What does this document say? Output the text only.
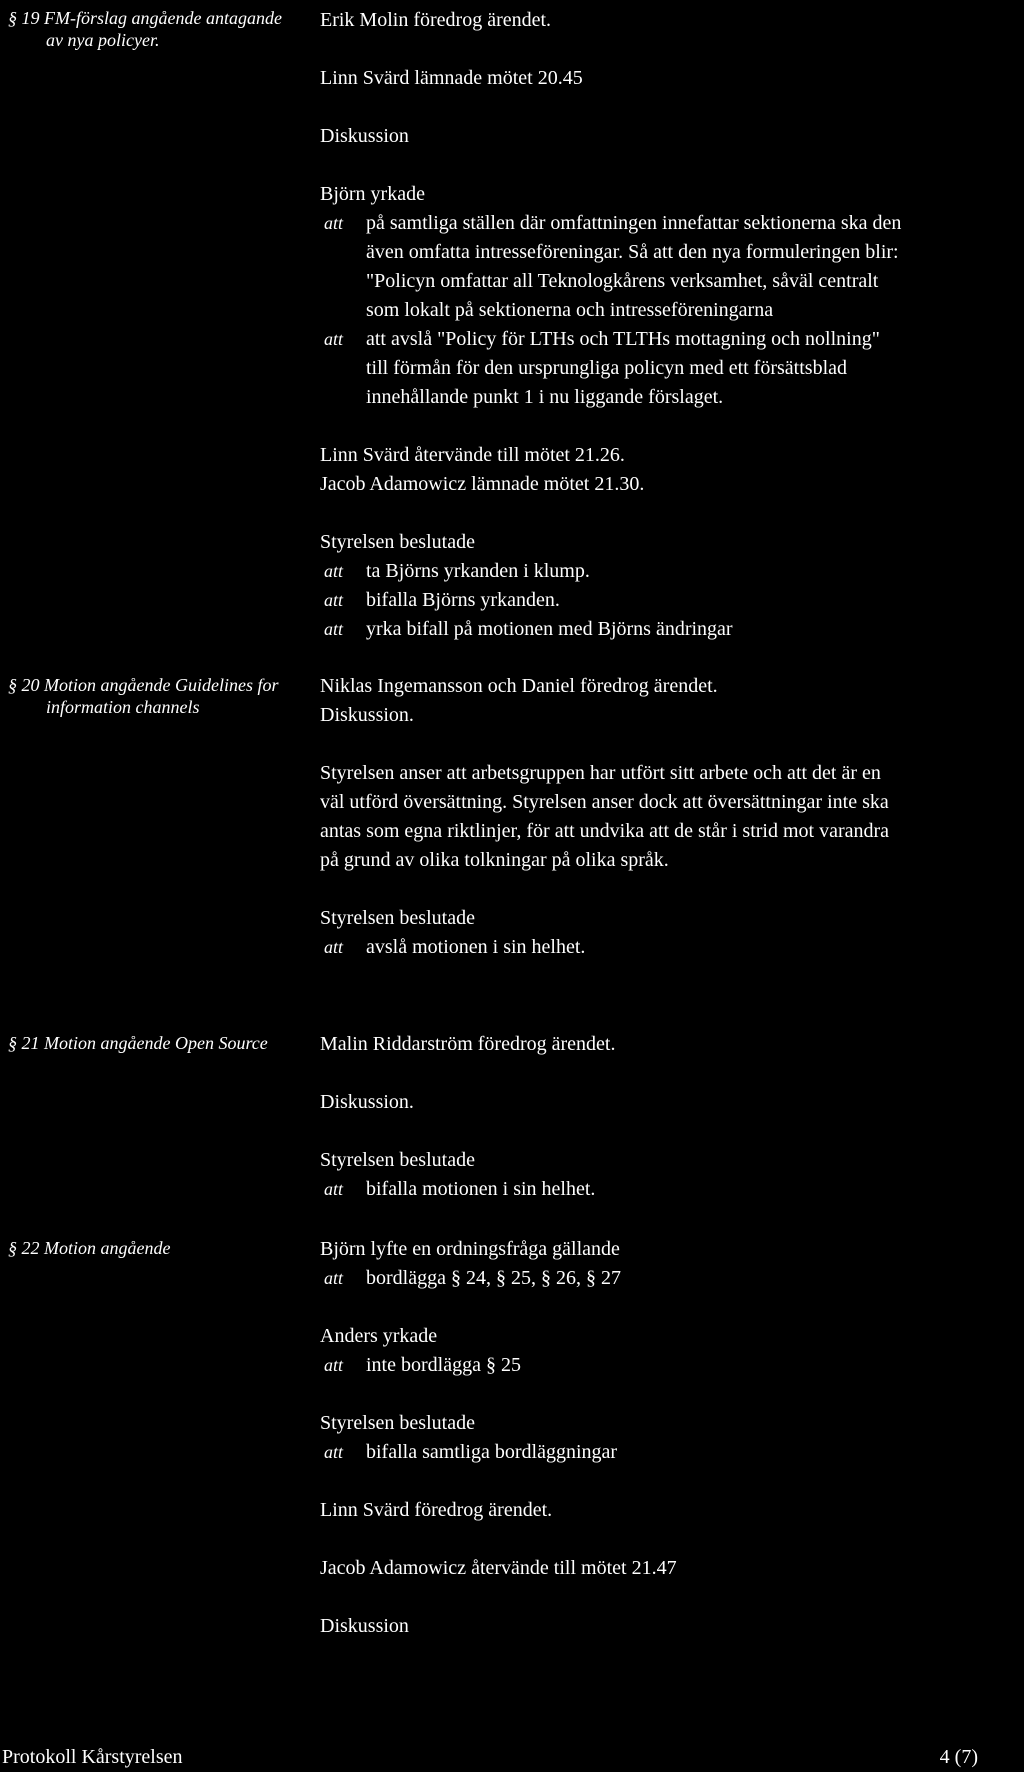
§ 19 FM-förslag angående antagande
av nya policyer.
Erik Molin föredrog ärendet.
Linn Svärd lämnade mötet 20.45
Diskussion
Björn yrkade
att	på samtliga ställen där omfattningen innefattar sektionerna ska den
även omfatta intresseföreningar. Så att den nya formuleringen blir:
"Policyn omfattar all Teknologkårens verksamhet, såväl centralt
som lokalt på sektionerna och intresseföreningarna
att	att avslå "Policy för LTHs och TLTHs mottagning och nollning"
till förmån för den ursprungliga policyn med ett försättsblad
innehållande punkt 1 i nu liggande förslaget.
Linn Svärd återvände till mötet 21.26.
Jacob Adamowicz lämnade mötet 21.30.
Styrelsen beslutade
att	ta Björns yrkanden i klump.
att	bifalla Björns yrkanden.
att	yrka bifall på motionen med Björns ändringar
§ 20 Motion angående Guidelines for
information channels
Niklas Ingemansson och Daniel föredrog ärendet.
Diskussion.
Styrelsen anser att arbetsgruppen har utfört sitt arbete och att det är en
väl utförd översättning. Styrelsen anser dock att översättningar inte ska
antas som egna riktlinjer, för att undvika att de står i strid mot varandra
på grund av olika tolkningar på olika språk.
Styrelsen beslutade
att	avslå motionen i sin helhet.
§ 21 Motion angående Open Source	Malin Riddarström föredrog ärendet.
Diskussion.
Styrelsen beslutade
att	bifalla motionen i sin helhet.
§ 22 Motion angående	Björn lyfte en ordningsfråga gällande
att	bordlägga § 24, § 25, § 26, § 27
Anders yrkade
att	inte bordlägga § 25
Styrelsen beslutade
att	bifalla samtliga bordläggningar
Linn Svärd föredrog ärendet.
Jacob Adamowicz återvände till mötet 21.47
Diskussion
Protokoll Kårstyrelsen	4 (7)
